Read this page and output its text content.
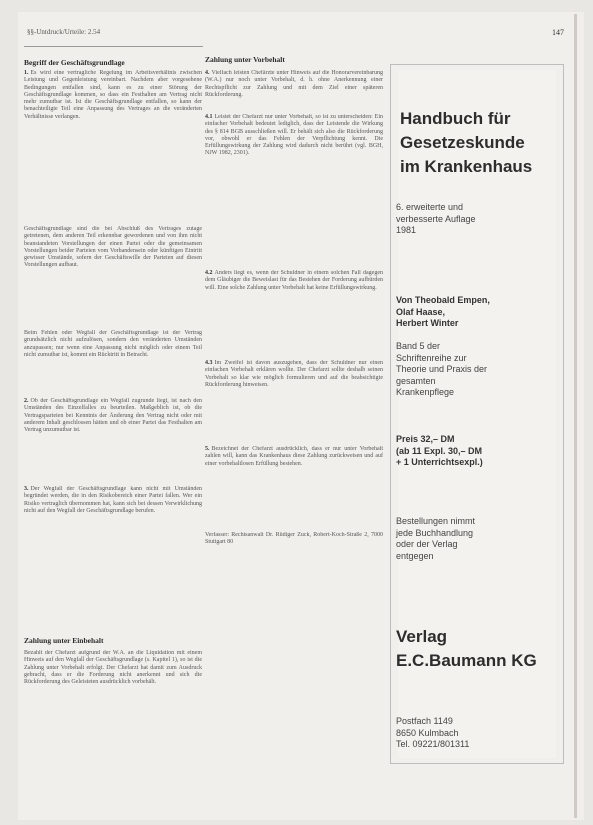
§§-Untdruck/Urteile: 2.54	147
Begriff der Geschäftsgrundlage
1. Es wird eine vertragliche Regelung im Arbeitsverhältnis zwischen Leistung und Gegenleistung vereinbart. Nachdem aber vorgesehene Bedingungen entfallen sind, kann es zu einer Störung der Geschäftsgrundlage kommen, so dass ein Festhalten am Vertrag nicht mehr zumutbar ist. Ist die Geschäftsgrundlage entfallen, so kann der benachteiligte Teil eine Anpassung des Vertrages an die veränderten Verhältnisse verlangen.
Geschäftsgrundlage sind die bei Abschluß des Vertrages zutage getretenen, dem anderen Teil erkennbar gewordenen und von ihm nicht beanstandeten Vorstellungen der einen Partei oder die gemeinsamen Vorstellungen beider Parteien vom Vorhandensein oder künftigen Eintritt gewisser Umstände, sofern der Geschäftswille der Parteien auf diesen Vorstellungen aufbaut.
Beim Fehlen oder Wegfall der Geschäftsgrundlage ist der Vertrag grundsätzlich nicht aufzulösen, sondern den veränderten Umständen anzupassen; nur wenn eine Anpassung nicht möglich oder einem Teil nicht zumutbar ist, kommt ein Rücktritt in Betracht.
2. Ob der Geschäftsgrundlage ein Wegfall zugrunde liegt, ist nach den Umständen des Einzelfalles zu beurteilen. Maßgeblich ist, ob die Vertragsparteien bei Kenntnis der Änderung den Vertrag nicht oder mit anderem Inhalt geschlossen hätten und ob einer Partei das Festhalten am Vertrag unzumutbar ist.
3. Der Wegfall der Geschäftsgrundlage kann nicht mit Umständen begründet werden, die in den Risikobereich einer Partei fallen. Wer ein Risiko vertraglich übernommen hat, kann sich bei dessen Verwirklichung nicht auf den Wegfall der Geschäftsgrundlage berufen.
Zahlung unter Einbehalt
Bezahlt der Chefarzt aufgrund der W.A. an die Liquidation mit einem Hinweis auf den Wegfall der Geschäftsgrundlage (s. Kapitel 1), so ist die Zahlung unter Vorbehalt erfolgt. Der Chefarzt hat damit zum Ausdruck gebracht, dass er die Forderung nicht anerkennt und sich die Rückforderung des Geleisteten ausdrücklich vorbehält.
Zahlung unter Vorbehalt
4. Vielfach leisten Chefärzte unter Hinweis auf die Honorarvereinbarung (W.A.) nur noch unter Vorbehalt, d. h. ohne Anerkennung einer Rechtspflicht zur Zahlung und mit dem Ziel einer späteren Rückforderung.
4.1 Leistet der Chefarzt nur unter Vorbehalt, so ist zu unterscheiden: Ein einfacher Vorbehalt bedeutet lediglich, dass der Leistende die Wirkung des § 814 BGB ausschließen will. Er behält sich also die Rückforderung vor, obwohl er das Fehlen der Verpflichtung kennt. Die Erfüllungswirkung der Zahlung wird dadurch nicht berührt (vgl. BGH, NJW 1982, 2301).
4.2 Anders liegt es, wenn der Schuldner in einem solchen Fall dagegen dem Gläubiger die Beweislast für das Bestehen der Forderung aufbürden will. Eine solche Zahlung unter Vorbehalt hat keine Erfüllungswirkung.
4.3 Im Zweifel ist davon auszugehen, dass der Schuldner nur einen einfachen Vorbehalt erklären wollte. Der Chefarzt sollte deshalb seinen Vorbehalt so klar wie möglich formulieren und auf die beabsichtigte Rückforderung hinweisen.
5. Bezeichnet der Chefarzt ausdrücklich, dass er nur unter Vorbehalt zahlen will, kann das Krankenhaus diese Zahlung zurückweisen und auf einer vorbehaltlosen Erfüllung bestehen.
Verfasser: Rechtsanwalt Dr. Rüdiger Zuck, Robert-Koch-Straße 2, 7000 Stuttgart 80
Handbuch für
Gesetzeskunde
im Krankenhaus
6. erweiterte und
verbesserte Auflage
1981
Von Theobald Empen,
Olaf Haase,
Herbert Winter
Band 5 der
Schriftenreihe zur
Theorie und Praxis der
gesamten
Krankenpflege
Preis 32,– DM
(ab 11 Expl. 30,– DM
+ 1 Unterrichtsexpl.)
Bestellungen nimmt
jede Buchhandlung
oder der Verlag
entgegen
Verlag
E.C.Baumann KG
Postfach 1149
8650 Kulmbach
Tel. 09221/801311
